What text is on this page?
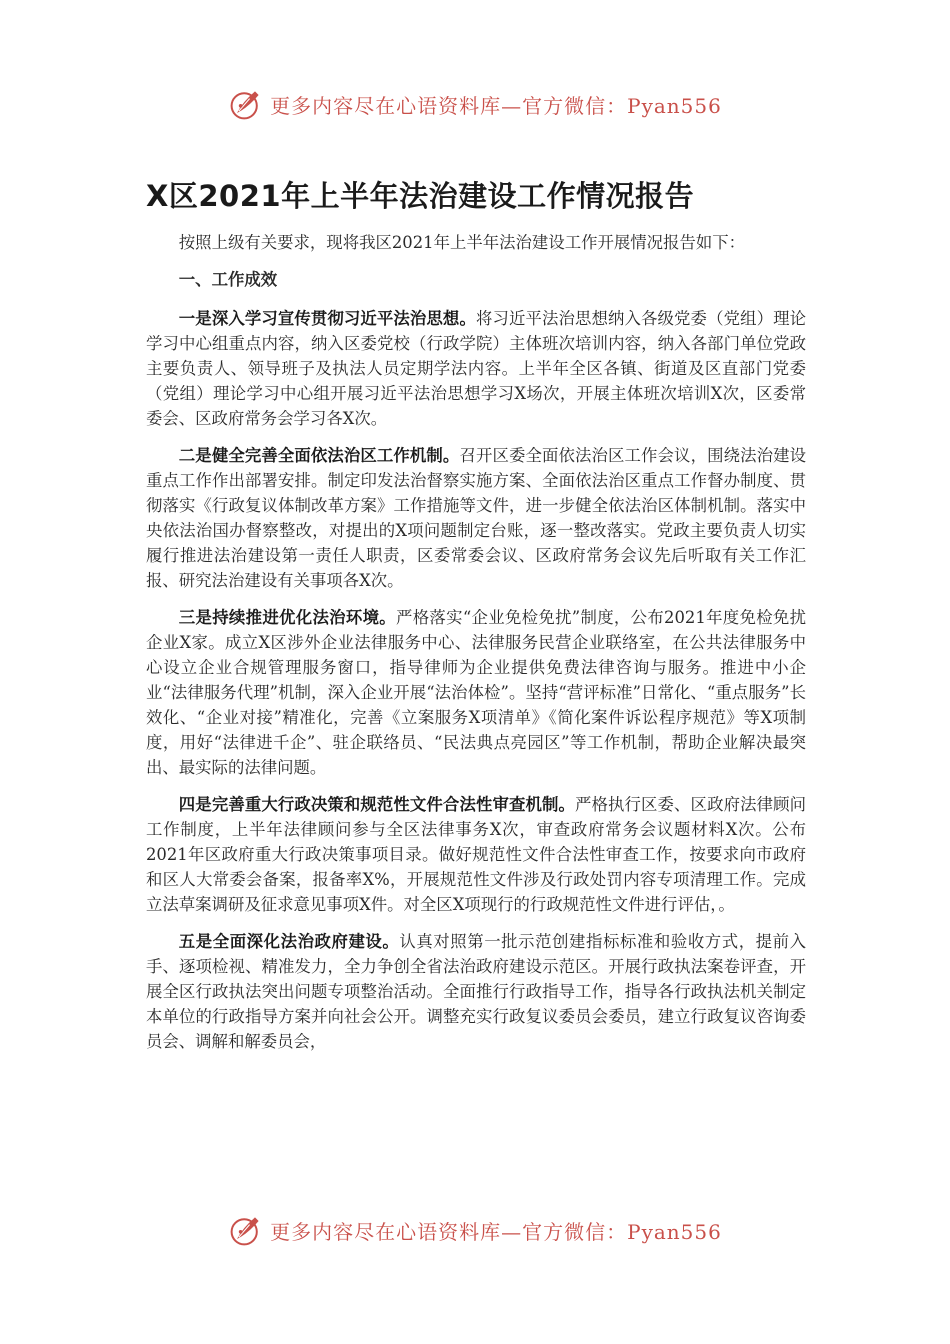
更多内容尽在心语资料库—官方微信：Pyan556
X区2021年上半年法治建设工作情况报告

按照上级有关要求，现将我区2021年上半年法治建设工作开展情况报告如下：

一、工作成效

一是深入学习宣传贯彻习近平法治思想。将习近平法治思想纳入各级党委（党组）理论学习中心组重点内容，纳入区委党校（行政学院）主体班次培训内容，纳入各部门单位党政主要负责人、领导班子及执法人员定期学法内容。上半年全区各镇、街道及区直部门党委（党组）理论学习中心组开展习近平法治思想学习X场次，开展主体班次培训X次，区委常委会、区政府常务会学习各X次。

二是健全完善全面依法治区工作机制。召开区委全面依法治区工作会议，围绕法治建设重点工作作出部署安排。制定印发法治督察实施方案、全面依法治区重点工作督办制度、贯彻落实《行政复议体制改革方案》工作措施等文件，进一步健全依法治区体制机制。落实中央依法治国办督察整改，对提出的X项问题制定台账，逐一整改落实。党政主要负责人切实履行推进法治建设第一责任人职责，区委常委会议、区政府常务会议先后听取有关工作汇报、研究法治建设有关事项各X次。

三是持续推进优化法治环境。严格落实“企业免检免扰”制度，公布2021年度免检免扰企业X家。成立X区涉外企业法律服务中心、法律服务民营企业联络室，在公共法律服务中心设立企业合规管理服务窗口，指导律师为企业提供免费法律咨询与服务。推进中小企业“法律服务代理”机制，深入企业开展“法治体检”。坚持“营评标准”日常化、“重点服务”长效化、“企业对接”精准化，完善《立案服务X项清单》《简化案件诉讼程序规范》等X项制度，用好“法律进千企”、驻企联络员、“民法典点亮园区”等工作机制，帮助企业解决最突出、最实际的法律问题。

四是完善重大行政决策和规范性文件合法性审查机制。严格执行区委、区政府法律顾问工作制度，上半年法律顾问参与全区法律事务X次，审查政府常务会议题材料X次。公布2021年区政府重大行政决策事项目录。做好规范性文件合法性审查工作，按要求向市政府和区人大常委会备案，报备率X%，开展规范性文件涉及行政处罚内容专项清理工作。完成立法草案调研及征求意见事项X件。对全区X项现行的行政规范性文件进行评估，。

五是全面深化法治政府建设。认真对照第一批示范创建指标标准和验收方式，提前入手、逐项检视、精准发力，全力争创全省法治政府建设示范区。开展行政执法案卷评查，开展全区行政执法突出问题专项整治活动。全面推行行政指导工作，指导各行政执法机关制定本单位的行政指导方案并向社会公开。调整充实行政复议委员会委员，建立行政复议咨询委员会、调解和解委员会，

更多内容尽在心语资料库—官方微信：Pyan556
